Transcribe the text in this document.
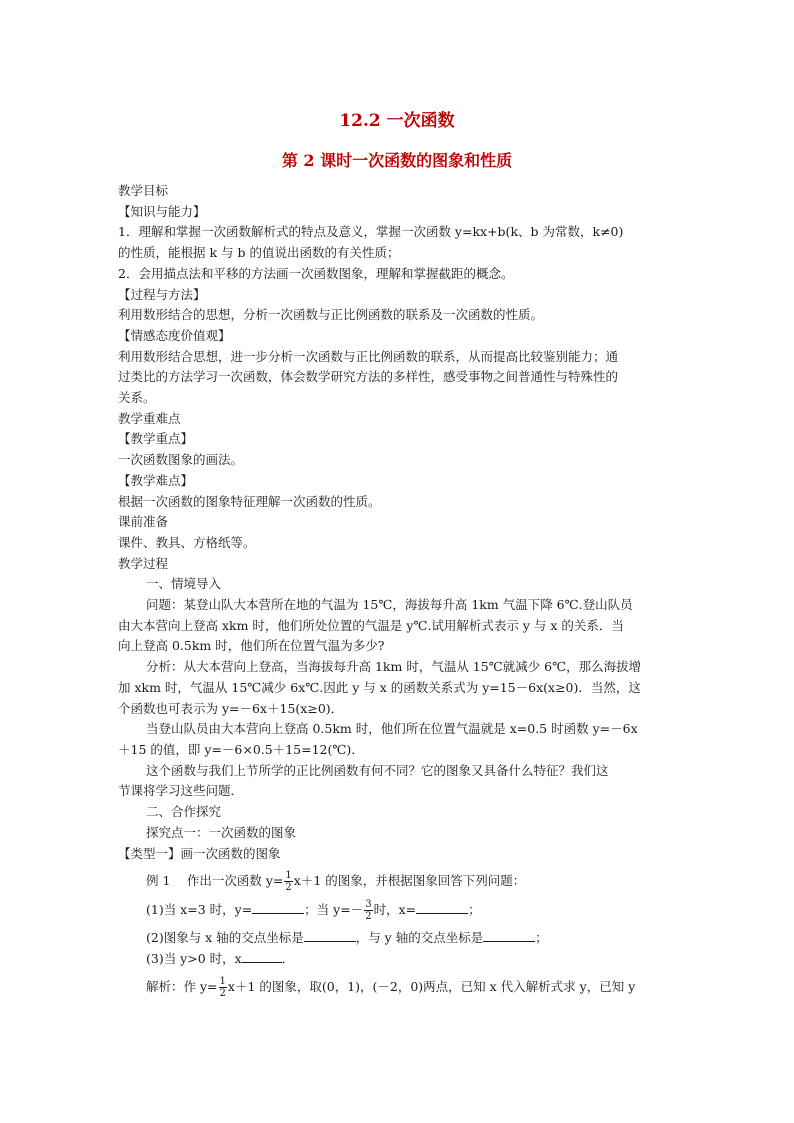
12.2 一次函数
第 2 课时一次函数的图象和性质

教学目标

【知识与能力】

1．理解和掌握一次函数解析式的特点及意义，掌握一次函数 y=kx+b(k、b 为常数，k≠0)

的性质，能根据 k 与 b 的值说出函数的有关性质；

2．会用描点法和平移的方法画一次函数图象，理解和掌握截距的概念。

【过程与方法】

利用数形结合的思想，分析一次函数与正比例函数的联系及一次函数的性质。

【情感态度价值观】

利用数形结合思想，进一步分析一次函数与正比例函数的联系，从而提高比较鉴别能力；通

过类比的方法学习一次函数，体会数学研究方法的多样性，感受事物之间普通性与特殊性的

关系。

教学重难点

【教学重点】

一次函数图象的画法。

【教学难点】

根据一次函数的图象特征理解一次函数的性质。

课前准备

课件、教具、方格纸等。

教学过程

一、情境导入

问题：某登山队大本营所在地的气温为 15℃，海拔每升高 1km 气温下降 6℃.登山队员

由大本营向上登高 xkm 时，他们所处位置的气温是 y℃.试用解析式表示 y 与 x 的关系．当

向上登高 0.5km 时，他们所在位置气温为多少?

分析：从大本营向上登高，当海拔每升高 1km 时，气温从 15℃就减少 6℃，那么海拔增

加 xkm 时，气温从 15℃减少 6x℃.因此 y 与 x 的函数关系式为 y=15－6x(x≥0)．当然，这

个函数也可表示为 y=－6x＋15(x≥0)．

当登山队员由大本营向上登高 0.5km 时，他们所在位置气温就是 x=0.5 时函数 y=－6x

＋15 的值，即 y=－6×0.5＋15=12(℃)．

这个函数与我们上节所学的正比例函数有何不同？它的图象又具备什么特征？我们这

节课将学习这些问题．

二、合作探究

探究点一：一次函数的图象

【类型一】画一次函数的图象

例 1　 作出一次函数 $y= \frac{1}{2} x+1$ 的图象，并根据图象回答下列问题：

(1)当 x=3 时，y=	；当 $y=- \frac{3}{2}$ 时，x=	；

(2)图象与 x 轴的交点坐标是	，与 y 轴的交点坐标是	；

(3)当 y>0 时，x	．

解析：作 $y= \frac{1}{2} x+1$ 的图象，取(0，1)，(－2，0)两点，已知 x 代入解析式求 y，已知 y
